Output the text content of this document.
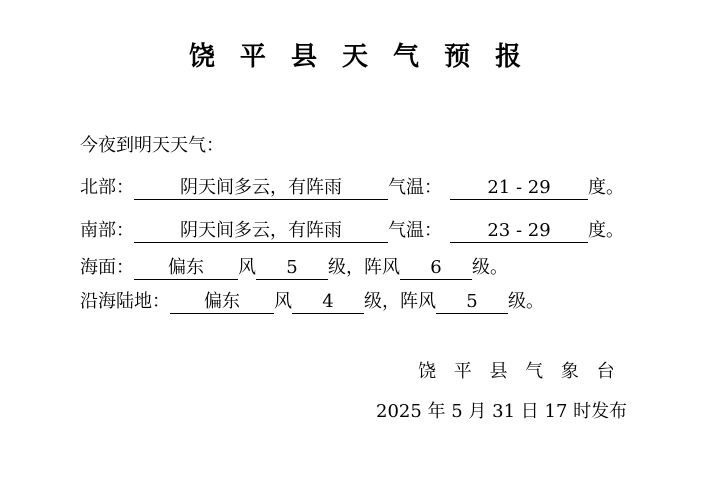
饶 平 县 天 气 预 报
今夜到明天天气：
北部：	阴天间多云，有阵雨	气温：	21 - 29 度。
南部：	阴天间多云，有阵雨	气温：	23 - 29 度。
海面： 偏东 风 5 级，阵风 6 级。
沿海陆地： 偏东 风 4 级，阵风 5 级。
饶 平 县 气 象 台
2025 年 5 月 31 日 17 时发布
